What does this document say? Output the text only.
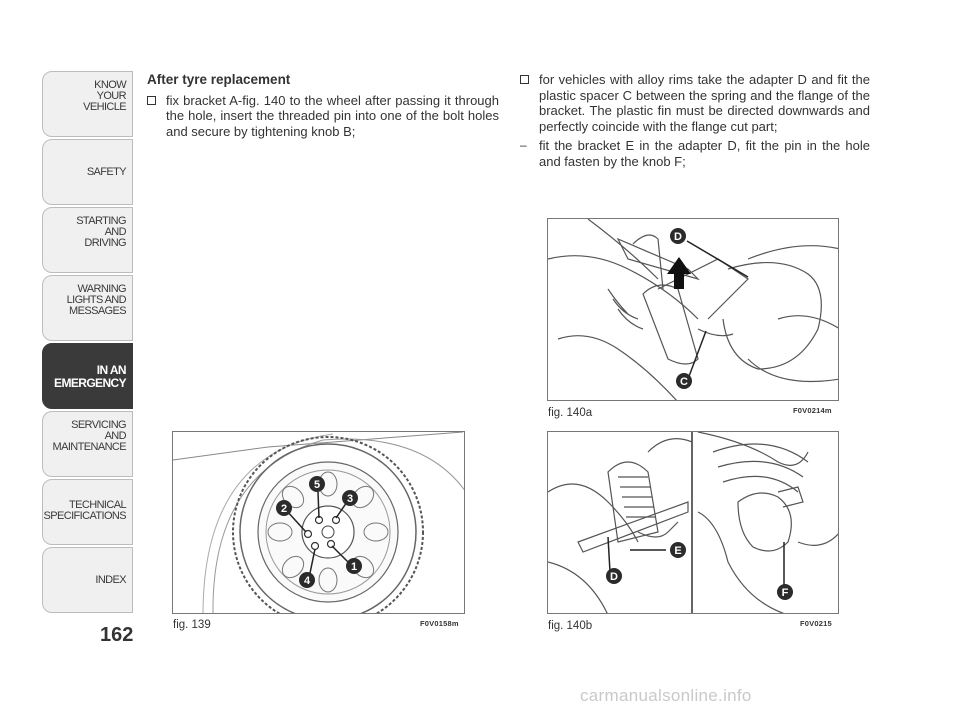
KNOW
YOUR
VEHICLE
SAFETY
STARTING
AND
DRIVING
WARNING
LIGHTS AND
MESSAGES
IN AN
EMERGENCY
SERVICING
AND
MAINTENANCE
TECHNICAL
SPECIFICATIONS
INDEX
162
After tyre replacement
fix bracket A-fig. 140 to the wheel after passing it through the hole, insert the threaded pin into one of the bolt holes and secure by tightening knob B;
for vehicles with alloy rims take the adapter D and fit the plastic spacer C between the spring and the flange of the bracket. The plastic fin must be directed downwards and perfectly coincide with the flange cut part;
– fit the bracket E in the adapter D, fit the pin in the hole and fasten by the knob F;
5
3
2
1
4
fig. 139	F0V0158m
D
C
fig. 140a	F0V0214m
E
D
F
fig. 140b	F0V0215
carmanualsonline.info
